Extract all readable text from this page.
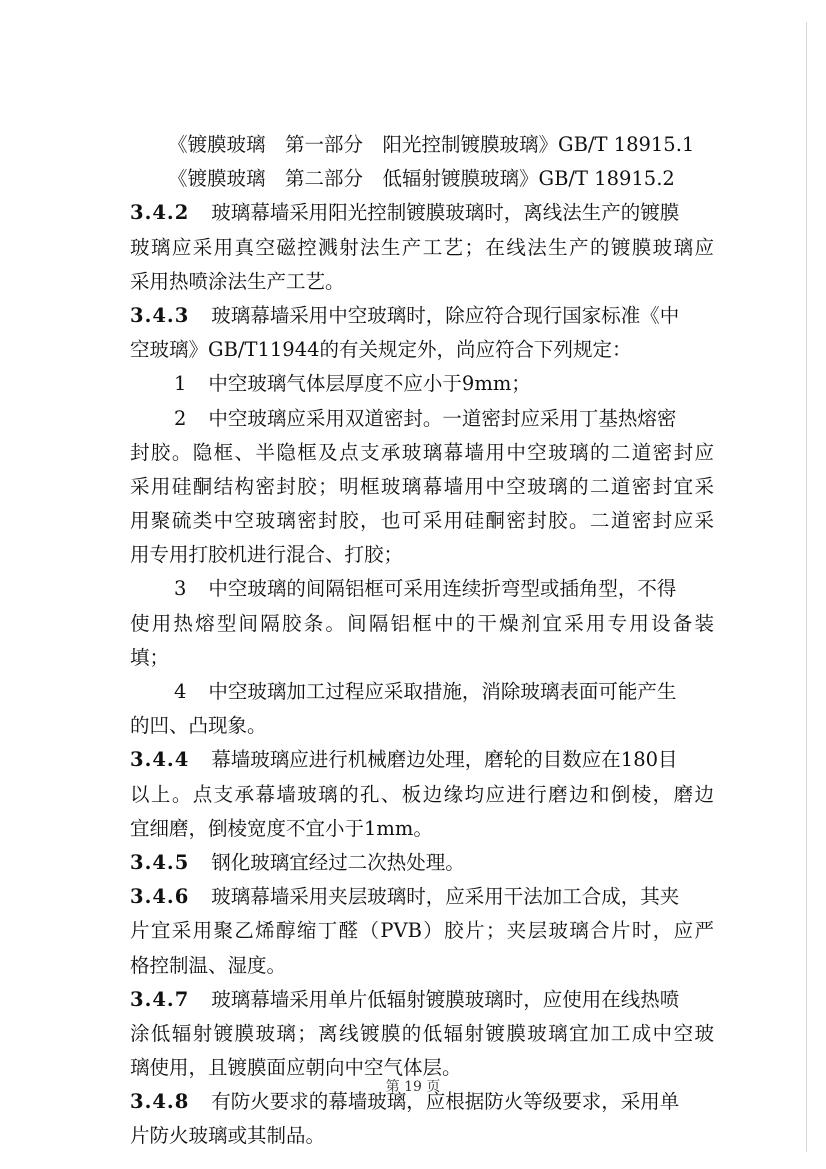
《镀膜玻璃　第一部分　阳光控制镀膜玻璃》GB/T 18915.1
《镀膜玻璃　第二部分　低辐射镀膜玻璃》GB/T 18915.2
3.4.2 玻璃幕墙采用阳光控制镀膜玻璃时，离线法生产的镀膜
玻璃应采用真空磁控溅射法生产工艺；在线法生产的镀膜玻璃应
采用热喷涂法生产工艺。
3.4.3 玻璃幕墙采用中空玻璃时，除应符合现行国家标准《中
空玻璃》GB/T11944的有关规定外，尚应符合下列规定：
1 中空玻璃气体层厚度不应小于9mm；
2 中空玻璃应采用双道密封。一道密封应采用丁基热熔密
封胶。隐框、半隐框及点支承玻璃幕墙用中空玻璃的二道密封应
采用硅酮结构密封胶；明框玻璃幕墙用中空玻璃的二道密封宜采
用聚硫类中空玻璃密封胶，也可采用硅酮密封胶。二道密封应采
用专用打胶机进行混合、打胶；
3 中空玻璃的间隔铝框可采用连续折弯型或插角型，不得
使用热熔型间隔胶条。间隔铝框中的干燥剂宜采用专用设备装
填；
4 中空玻璃加工过程应采取措施，消除玻璃表面可能产生
的凹、凸现象。
3.4.4 幕墙玻璃应进行机械磨边处理，磨轮的目数应在180目
以上。点支承幕墙玻璃的孔、板边缘均应进行磨边和倒棱，磨边
宜细磨，倒棱宽度不宜小于1mm。
3.4.5 钢化玻璃宜经过二次热处理。
3.4.6 玻璃幕墙采用夹层玻璃时，应采用干法加工合成，其夹
片宜采用聚乙烯醇缩丁醛（PVB）胶片；夹层玻璃合片时，应严
格控制温、湿度。
3.4.7 玻璃幕墙采用单片低辐射镀膜玻璃时，应使用在线热喷
涂低辐射镀膜玻璃；离线镀膜的低辐射镀膜玻璃宜加工成中空玻
璃使用，且镀膜面应朝向中空气体层。
3.4.8 有防火要求的幕墙玻璃，应根据防火等级要求，采用单
片防火玻璃或其制品。
第 19 页
